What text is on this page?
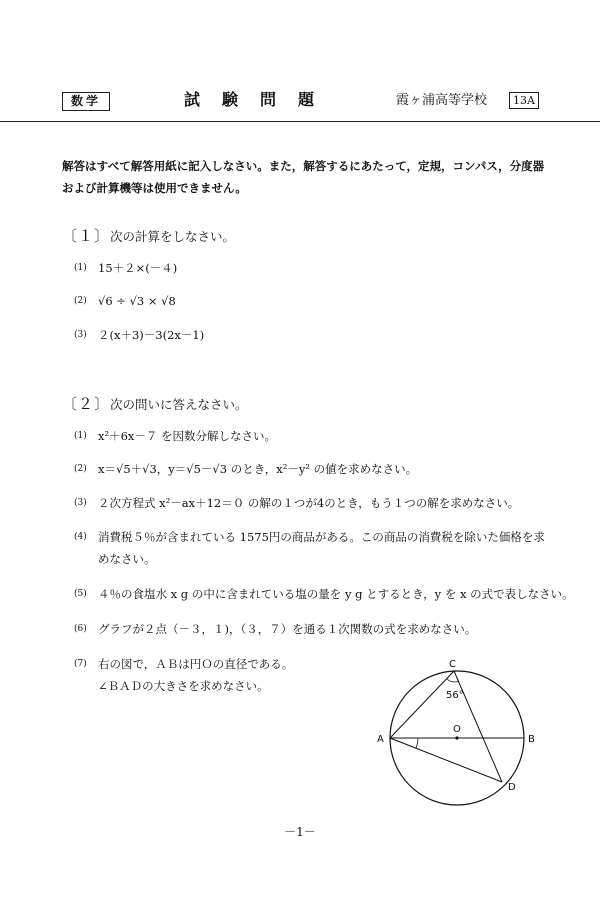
数学	試験問題	霞ヶ浦高等学校	13A
解答はすべて解答用紙に記入しなさい。また，解答するにあたって，定規，コンパス，分度器
および計算機等は使用できません。
〔１〕次の計算をしなさい。
(1) 15＋２×(－４)
(2) √6 ÷ √3 × √8
(3) ２(x＋3)－3(2x－1)
〔２〕次の問いに答えなさい。
(1) x²＋6x－７ を因数分解しなさい。
(2) x＝√5＋√3，y＝√5－√3 のとき，x²－y² の値を求めなさい。
(3) ２次方程式 x²－ax＋12＝０ の解の１つが4のとき，もう１つの解を求めなさい。
(4) 消費税５％が含まれている 1575円の商品がある。この商品の消費税を除いた価格を求
めなさい。
(5) ４％の食塩水 x g の中に含まれている塩の量を y g とするとき，y を x の式で表しなさい。
(6) グラフが２点（－３，１)，（３，７）を通る１次関数の式を求めなさい。
(7) 右の図で，ＡＢは円Ｏの直径である。
∠ＢＡＤの大きさを求めなさい。
A	B
C
D
O
56°
－1－
